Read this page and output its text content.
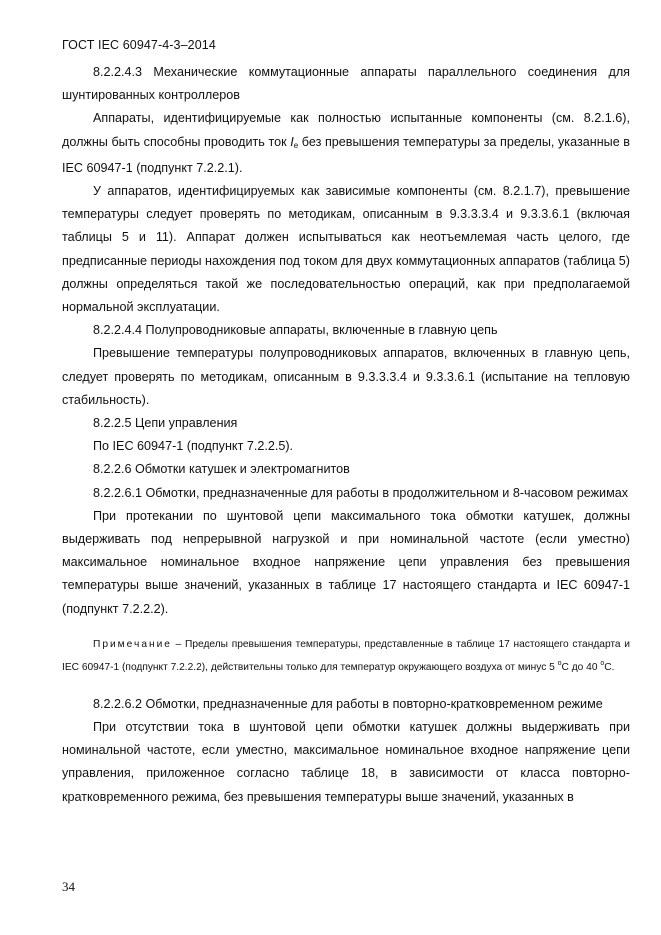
ГОСТ IEC 60947-4-3–2014

8.2.2.4.3 Механические коммутационные аппараты параллельного соединения для шунтированных контроллеров

Аппараты, идентифицируемые как полностью испытанные компоненты (см. 8.2.1.6), должны быть способны проводить ток $I_e$ без превышения температуры за пределы, указанные в IEC 60947-1 (подпункт 7.2.2.1).

У аппаратов, идентифицируемых как зависимые компоненты (см. 8.2.1.7), превышение температуры следует проверять по методикам, описанным в 9.3.3.3.4 и 9.3.3.6.1 (включая таблицы 5 и 11). Аппарат должен испытываться как неотъемлемая часть целого, где предписанные периоды нахождения под током для двух коммутационных аппаратов (таблица 5) должны определяться такой же последовательностью операций, как при предполагаемой нормальной эксплуатации.

8.2.2.4.4 Полупроводниковые аппараты, включенные в главную цепь

Превышение температуры полупроводниковых аппаратов, включенных в главную цепь, следует проверять по методикам, описанным в 9.3.3.3.4 и 9.3.3.6.1 (испытание на тепловую стабильность).

8.2.2.5 Цепи управления

По IEC 60947-1 (подпункт 7.2.2.5).

8.2.2.6 Обмотки катушек и электромагнитов

8.2.2.6.1 Обмотки, предназначенные для работы в продолжительном и 8-часовом режимах

При протекании по шунтовой цепи максимального тока обмотки катушек, должны выдерживать под непрерывной нагрузкой и при номинальной частоте (если уместно) максимальное номинальное входное напряжение цепи управления без превышения температуры выше значений, указанных в таблице 17 настоящего стандарта и IEC 60947-1 (подпункт 7.2.2.2).

Примечание – Пределы превышения температуры, представленные в таблице 17 настоящего стандарта и IEC 60947-1 (подпункт 7.2.2.2), действительны только для температур окружающего воздуха от минус 5 $^o$С до 40 $^o$С.

8.2.2.6.2 Обмотки, предназначенные для работы в повторно-кратковременном режиме

При отсутствии тока в шунтовой цепи обмотки катушек должны выдерживать при номинальной частоте, если уместно, максимальное номинальное входное напряжение цепи управления, приложенное согласно таблице 18, в зависимости от класса повторно-кратковременного режима, без превышения температуры выше значений, указанных в

34
